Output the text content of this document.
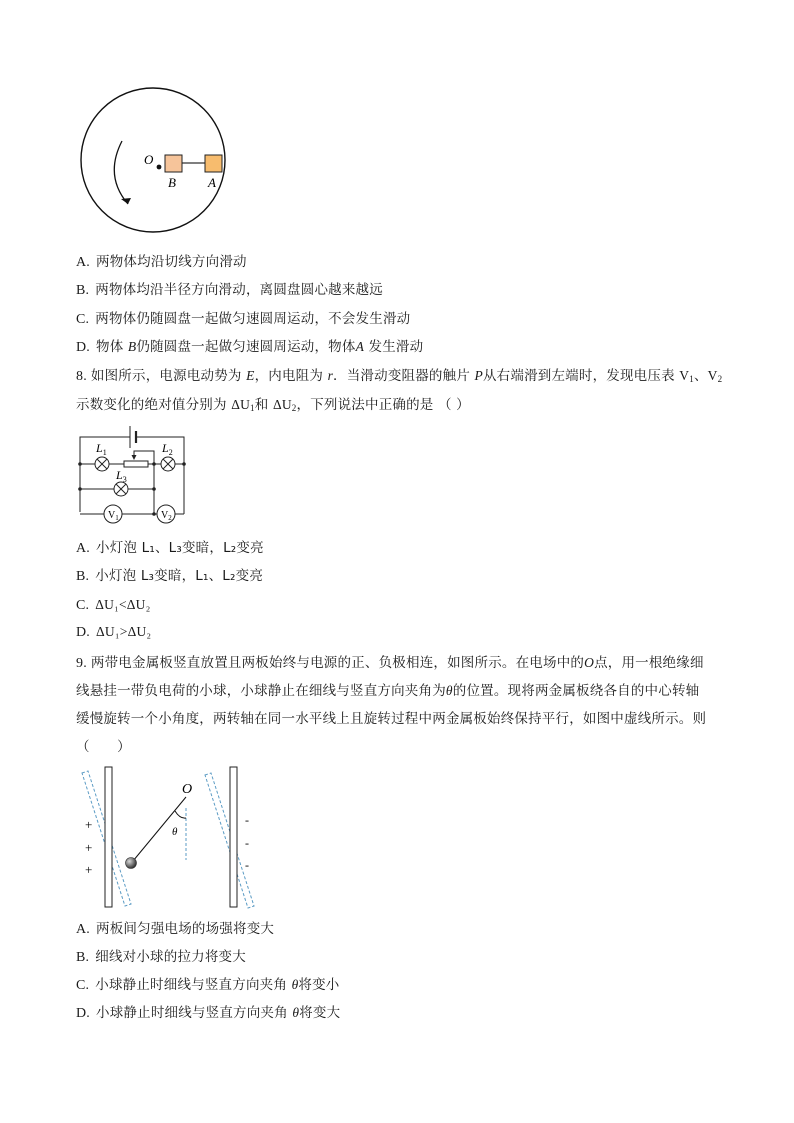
O
B A
A. 两物体均沿切线方向滑动
B. 两物体均沿半径方向滑动，离圆盘圆心越来越远
C. 两物体仍随圆盘一起做匀速圆周运动，不会发生滑动
D. 物体 B仍随圆盘一起做匀速圆周运动，物体A 发生滑动
8. 如图所示，电源电动势为 E，内电阻为 r．当滑动变阻器的触片 P从右端滑到左端时，发现电压表 $V_1$、$V_2$
示数变化的绝对值分别为 $\Delta U_1$和 $\Delta U_2$，下列说法中正确的是 （ ）
$L_1$	$L_2$
$L_3$
$V_1$	$V_2$
A. 小灯泡 L₁、L₃变暗，L₂变亮
B. 小灯泡 L₃变暗，L₁、L₂变亮
C. ΔU₁<ΔU₂
D. ΔU₁>ΔU₂
9. 两带电金属板竖直放置且两板始终与电源的正、负极相连，如图所示。在电场中的O点，用一根绝缘细
线悬挂一带负电荷的小球，小球静止在细线与竖直方向夹角为θ的位置。现将两金属板绕各自的中心转轴
缓慢旋转一个小角度，两转轴在同一水平线上且旋转过程中两金属板始终保持平行，如图中虚线所示。则
（　　）
+
+
+
-
-
-
O
θ
A. 两板间匀强电场的场强将变大
B. 细线对小球的拉力将变大
C. 小球静止时细线与竖直方向夹角 θ将变小
D. 小球静止时细线与竖直方向夹角 θ将变大
